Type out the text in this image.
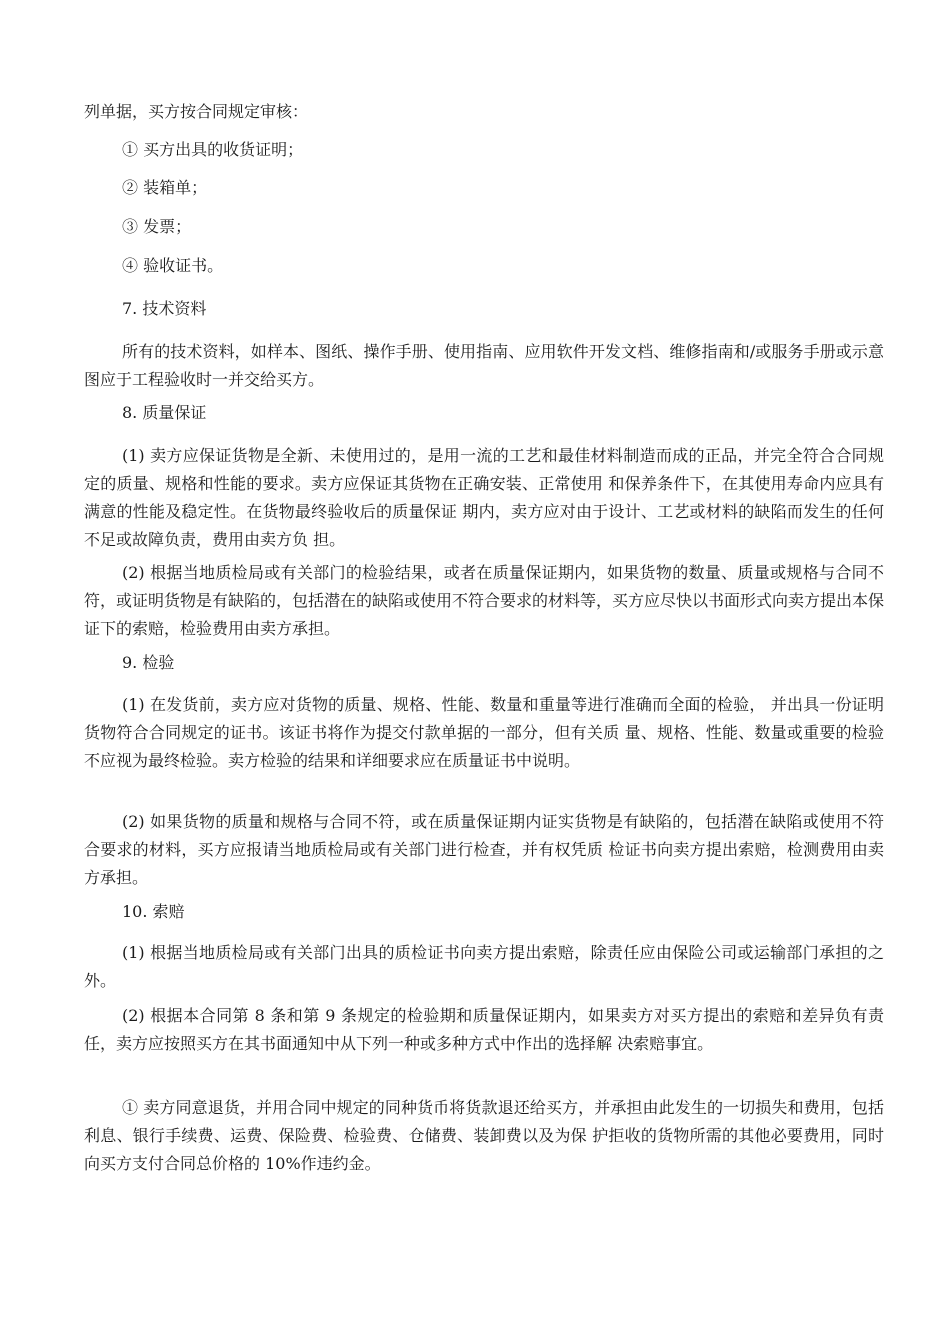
列单据，买方按合同规定审核：
① 买方出具的收货证明；
② 装箱单；
③ 发票；
④ 验收证书。
7. 技术资料
所有的技术资料，如样本、图纸、操作手册、使用指南、应用软件开发文档、维修指南和/或服务手册或示意图应于工程验收时一并交给买方。
8. 质量保证
(1) 卖方应保证货物是全新、未使用过的，是用一流的工艺和最佳材料制造而成的正品，并完全符合合同规定的质量、规格和性能的要求。卖方应保证其货物在正确安装、正常使用 和保养条件下，在其使用寿命内应具有满意的性能及稳定性。在货物最终验收后的质量保证 期内，卖方应对由于设计、工艺或材料的缺陷而发生的任何不足或故障负责，费用由卖方负 担。
(2) 根据当地质检局或有关部门的检验结果，或者在质量保证期内，如果货物的数量、质量或规格与合同不符，或证明货物是有缺陷的，包括潜在的缺陷或使用不符合要求的材料等，买方应尽快以书面形式向卖方提出本保证下的索赔，检验费用由卖方承担。
9. 检验
(1) 在发货前，卖方应对货物的质量、规格、性能、数量和重量等进行准确而全面的检验， 并出具一份证明货物符合合同规定的证书。该证书将作为提交付款单据的一部分，但有关质 量、规格、性能、数量或重要的检验不应视为最终检验。卖方检验的结果和详细要求应在质量证书中说明。
(2) 如果货物的质量和规格与合同不符，或在质量保证期内证实货物是有缺陷的，包括潜在缺陷或使用不符合要求的材料，买方应报请当地质检局或有关部门进行检查，并有权凭质 检证书向卖方提出索赔，检测费用由卖方承担。
10. 索赔
(1) 根据当地质检局或有关部门出具的质检证书向卖方提出索赔，除责任应由保险公司或运输部门承担的之外。
(2) 根据本合同第 8 条和第 9 条规定的检验期和质量保证期内，如果卖方对买方提出的索赔和差异负有责任，卖方应按照买方在其书面通知中从下列一种或多种方式中作出的选择解 决索赔事宜。
① 卖方同意退货，并用合同中规定的同种货币将货款退还给买方，并承担由此发生的一切损失和费用，包括利息、银行手续费、运费、保险费、检验费、仓储费、装卸费以及为保 护拒收的货物所需的其他必要费用，同时向买方支付合同总价格的 10%作违约金。
